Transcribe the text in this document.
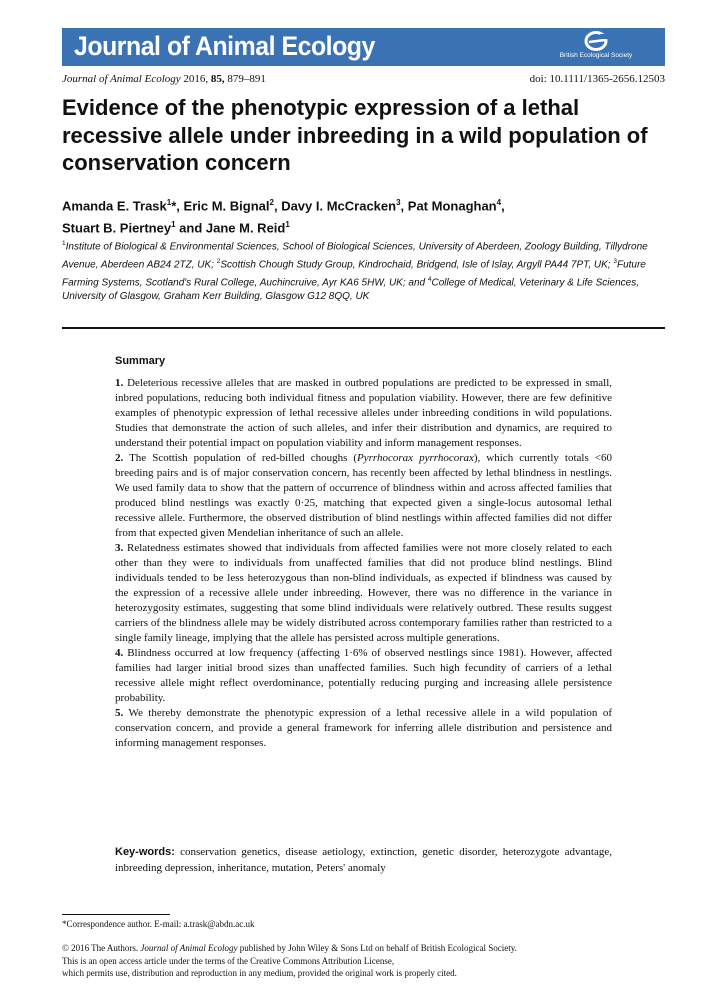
Journal of Animal Ecology	British Ecological Society
Journal of Animal Ecology 2016, 85, 879–891	doi: 10.1111/1365-2656.12503
Evidence of the phenotypic expression of a lethal recessive allele under inbreeding in a wild population of conservation concern
Amanda E. Trask$^1$*, Eric M. Bignal$^2$, Davy I. McCracken$^3$, Pat Monaghan$^4$,
Stuart B. Piertney$^1$ and Jane M. Reid$^1$
$^1$Institute of Biological & Environmental Sciences, School of Biological Sciences, University of Aberdeen, Zoology Building, Tillydrone Avenue, Aberdeen AB24 2TZ, UK; $^2$Scottish Chough Study Group, Kindrochaid, Bridgend, Isle of Islay, Argyll PA44 7PT, UK; $^3$Future Farming Systems, Scotland's Rural College, Auchincruive, Ayr KA6 5HW, UK; and $^4$College of Medical, Veterinary & Life Sciences, University of Glasgow, Graham Kerr Building, Glasgow G12 8QQ, UK
Summary

1. Deleterious recessive alleles that are masked in outbred populations are predicted to be expressed in small, inbred populations, reducing both individual fitness and population viability. However, there are few definitive examples of phenotypic expression of lethal recessive alleles under inbreeding conditions in wild populations. Studies that demonstrate the action of such alleles, and infer their distribution and dynamics, are required to understand their potential impact on population viability and inform management responses.

2. The Scottish population of red-billed choughs (Pyrrhocorax pyrrhocorax), which currently totals <60 breeding pairs and is of major conservation concern, has recently been affected by lethal blindness in nestlings. We used family data to show that the pattern of occurrence of blindness within and across affected families that produced blind nestlings was exactly 0·25, matching that expected given a single-locus autosomal lethal recessive allele. Furthermore, the observed distribution of blind nestlings within affected families did not differ from that expected given Mendelian inheritance of such an allele.

3. Relatedness estimates showed that individuals from affected families were not more closely related to each other than they were to individuals from unaffected families that did not produce blind nestlings. Blind individuals tended to be less heterozygous than non-blind individuals, as expected if blindness was caused by the expression of a recessive allele under inbreeding. However, there was no difference in the variance in heterozygosity estimates, suggesting that some blind individuals were relatively outbred. These results suggest carriers of the blindness allele may be widely distributed across contemporary families rather than restricted to a single family lineage, implying that the allele has persisted across multiple generations.

4. Blindness occurred at low frequency (affecting 1·6% of observed nestlings since 1981). However, affected families had larger initial brood sizes than unaffected families. Such high fecundity of carriers of a lethal recessive allele might reflect overdominance, potentially reducing purging and increasing allele persistence probability.

5. We thereby demonstrate the phenotypic expression of a lethal recessive allele in a wild population of conservation concern, and provide a general framework for inferring allele distribution and persistence and informing management responses.

Key-words: conservation genetics, disease aetiology, extinction, genetic disorder, heterozygote advantage, inbreeding depression, inheritance, mutation, Peters' anomaly
*Correspondence author. E-mail: a.trask@abdn.ac.uk
© 2016 The Authors. Journal of Animal Ecology published by John Wiley & Sons Ltd on behalf of British Ecological Society.
This is an open access article under the terms of the Creative Commons Attribution License,
which permits use, distribution and reproduction in any medium, provided the original work is properly cited.
